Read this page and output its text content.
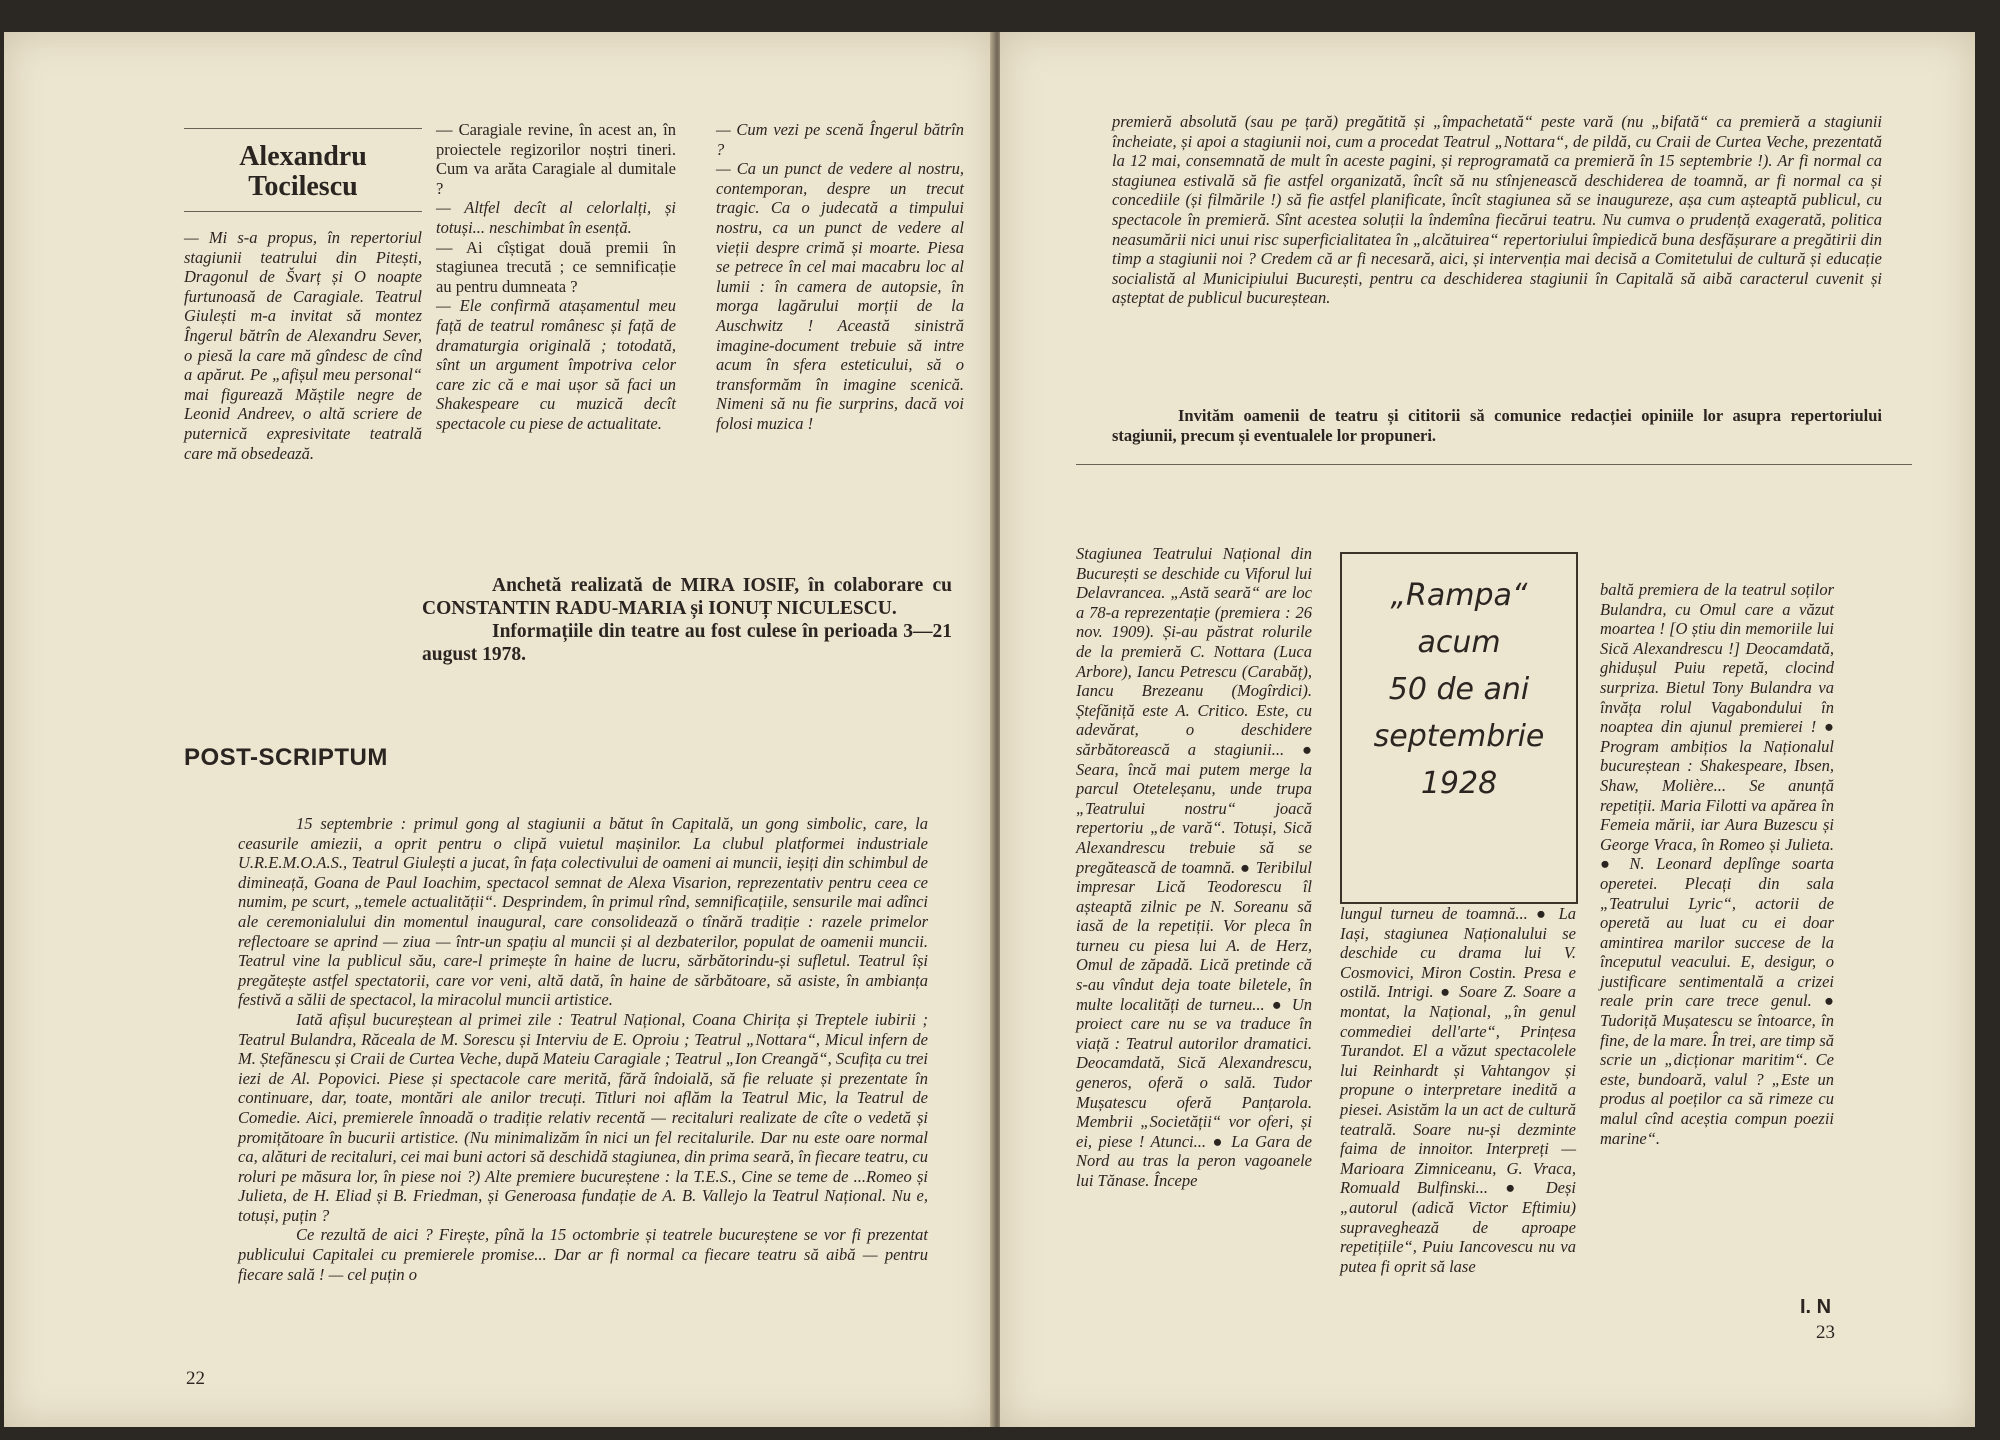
Alexandru
Tocilescu

— Mi s-a propus, în repertoriul stagiunii teatrului din Pitești, Dragonul de Švarț și O noapte furtunoasă de Caragiale. Teatrul Giulești m-a invitat să montez Îngerul bătrîn de Alexandru Sever, o piesă la care mă gîndesc de cînd a apărut. Pe „afișul meu personal“ mai figurează Măștile negre de Leonid Andreev, o altă scriere de puternică expresivitate teatrală care mă obsedează.

— Caragiale revine, în acest an, în proiectele regizorilor noștri tineri. Cum va arăta Caragiale al dumitale ?

— Altfel decît al celorlalți, și totuși... neschimbat în esență.

— Ai cîștigat două premii în stagiunea trecută ; ce semnificație au pentru dumneata ?

— Ele confirmă atașamentul meu față de teatrul românesc și față de dramaturgia originală ; totodată, sînt un argument împotriva celor care zic că e mai ușor să faci un Shakespeare cu muzică decît spectacole cu piese de actualitate.

— Cum vezi pe scenă Îngerul bătrîn ?

— Ca un punct de vedere al nostru, contemporan, despre un trecut tragic. Ca o judecată a timpului nostru, ca un punct de vedere al vieții despre crimă și moarte. Piesa se petrece în cel mai macabru loc al lumii : în camera de autopsie, în morga lagărului morții de la Auschwitz ! Această sinistră imagine-document trebuie să intre acum în sfera esteticului, să o transformăm în imagine scenică. Nimeni să nu fie surprins, dacă voi folosi muzica !

Anchetă realizată de MIRA IOSIF, în colaborare cu CONSTANTIN RADU-MARIA și IONUȚ NICULESCU.

Informațiile din teatre au fost culese în perioada 3—21 august 1978.

POST-SCRIPTUM

15 septembrie : primul gong al stagiunii a bătut în Capitală, un gong simbolic, care, la ceasurile amiezii, a oprit pentru o clipă vuietul mașinilor. La clubul platformei industriale U.R.E.M.O.A.S., Teatrul Giulești a jucat, în fața colectivului de oameni ai muncii, ieșiți din schimbul de dimineață, Goana de Paul Ioachim, spectacol semnat de Alexa Visarion, reprezentativ pentru ceea ce numim, pe scurt, „temele actualității“. Desprindem, în primul rînd, semnificațiile, sensurile mai adînci ale ceremonialului din momentul inaugural, care consolidează o tînără tradiție : razele primelor reflectoare se aprind — ziua — într-un spațiu al muncii și al dezbaterilor, populat de oamenii muncii. Teatrul vine la publicul său, care-l primește în haine de lucru, sărbătorindu-și sufletul. Teatrul își pregătește astfel spectatorii, care vor veni, altă dată, în haine de sărbătoare, să asiste, în ambianța festivă a sălii de spectacol, la miracolul muncii artistice.

Iată afișul bucureștean al primei zile : Teatrul Național, Coana Chirița și Treptele iubirii ; Teatrul Bulandra, Răceala de M. Sorescu și Interviu de E. Oproiu ; Teatrul „Nottara“, Micul infern de M. Ștefănescu și Craii de Curtea Veche, după Mateiu Caragiale ; Teatrul „Ion Creangă“, Scufița cu trei iezi de Al. Popovici. Piese și spectacole care merită, fără îndoială, să fie reluate și prezentate în continuare, dar, toate, montări ale anilor trecuți. Titluri noi aflăm la Teatrul Mic, la Teatrul de Comedie. Aici, premierele înnoadă o tradiție relativ recentă — recitaluri realizate de cîte o vedetă și promițătoare în bucurii artistice. (Nu minimalizăm în nici un fel recitalurile. Dar nu este oare normal ca, alături de recitaluri, cei mai buni actori să deschidă stagiunea, din prima seară, în fiecare teatru, cu roluri pe măsura lor, în piese noi ?) Alte premiere bucureștene : la T.E.S., Cine se teme de ...Romeo și Julieta, de H. Eliad și B. Friedman, și Generoasa fundație de A. B. Vallejo la Teatrul Național. Nu e, totuși, puțin ?

Ce rezultă de aici ? Firește, pînă la 15 octombrie și teatrele bucureștene se vor fi prezentat publicului Capitalei cu premierele promise... Dar ar fi normal ca fiecare teatru să aibă — pentru fiecare sală ! — cel puțin o

22

premieră absolută (sau pe țară) pregătită și „împachetată“ peste vară (nu „bifată“ ca premieră a stagiunii încheiate, și apoi a stagiunii noi, cum a procedat Teatrul „Nottara“, de pildă, cu Craii de Curtea Veche, prezentată la 12 mai, consemnată de mult în aceste pagini, și reprogramată ca premieră în 15 septembrie !). Ar fi normal ca stagiunea estivală să fie astfel organizată, încît să nu stînjenească deschiderea de toamnă, ar fi normal ca și concediile (și filmările !) să fie astfel planificate, încît stagiunea să se inaugureze, așa cum așteaptă publicul, cu spectacole în premieră. Sînt acestea soluții la îndemîna fiecărui teatru. Nu cumva o prudență exagerată, politica neasumării nici unui risc superficialitatea în „alcătuirea“ repertoriului împiedică buna desfășurare a pregătirii din timp a stagiunii noi ? Credem că ar fi necesară, aici, și intervenția mai decisă a Comitetului de cultură și educație socialistă al Municipiului București, pentru ca deschiderea stagiunii în Capitală să aibă caracterul cuvenit și așteptat de publicul bucureștean.

Invităm oamenii de teatru și cititorii să comunice redacției opiniile lor asupra repertoriului stagiunii, precum și eventualele lor propuneri.

Stagiunea Teatrului Național din București se deschide cu Viforul lui Delavrancea. „Astă seară“ are loc a 78-a reprezentație (premiera : 26 nov. 1909). Și-au păstrat rolurile de la premieră C. Nottara (Luca Arbore), Iancu Petrescu (Carabăț), Iancu Brezeanu (Mogîrdici). Ștefăniță este A. Critico. Este, cu adevărat, o deschidere sărbătorească a stagiunii... ● Seara, încă mai putem merge la parcul Oteteleșanu, unde trupa „Teatrului nostru“ joacă repertoriu „de vară“. Totuși, Sică Alexandrescu trebuie să se pregătească de toamnă. ● Teribilul impresar Lică Teodorescu îl așteaptă zilnic pe N. Soreanu să iasă de la repetiții. Vor pleca în turneu cu piesa lui A. de Herz, Omul de zăpadă. Lică pretinde că s-au vîndut deja toate biletele, în multe localități de turneu... ● Un proiect care nu se va traduce în viață : Teatrul autorilor dramatici. Deocamdată, Sică Alexandrescu, generos, oferă o sală. Tudor Mușatescu oferă Panțarola. Membrii „Societății“ vor oferi, și ei, piese ! Atunci... ● La Gara de Nord au tras la peron vagoanele lui Tănase. Începe

„Rampa“
acum
50 de ani
septembrie
1928

lungul turneu de toamnă... ● La Iași, stagiunea Naționalului se deschide cu drama lui V. Cosmovici, Miron Costin. Presa e ostilă. Intrigi. ● Soare Z. Soare a montat, la Național, „în genul commediei dell'arte“, Prințesa Turandot. El a văzut spectacolele lui Reinhardt și Vahtangov și propune o interpretare inedită a piesei. Asistăm la un act de cultură teatrală. Soare nu-și dezminte faima de innoitor. Interpreți — Marioara Zimniceanu, G. Vraca, Romuald Bulfinski... ● Deși „autorul (adică Victor Eftimiu) supraveghează de aproape repetițiile“, Puiu Iancovescu nu va putea fi oprit să lase

baltă premiera de la teatrul soților Bulandra, cu Omul care a văzut moartea ! [O știu din memoriile lui Sică Alexandrescu !] Deocamdată, ghidușul Puiu repetă, clocind surpriza. Bietul Tony Bulandra va învăța rolul Vagabondului în noaptea din ajunul premierei ! ● Program ambițios la Naționalul bucureștean : Shakespeare, Ibsen, Shaw, Molière... Se anunță repetiții. Maria Filotti va apărea în Femeia mării, iar Aura Buzescu și George Vraca, în Romeo și Julieta. ● N. Leonard deplînge soarta operetei. Plecați din sala „Teatrului Lyric“, actorii de operetă au luat cu ei doar amintirea marilor succese de la începutul veacului. E, desigur, o justificare sentimentală a crizei reale prin care trece genul. ● Tudoriță Mușatescu se întoarce, în fine, de la mare. În trei, are timp să scrie un „dicționar maritim“. Ce este, bundoară, valul ? „Este un produs al poeților ca să rimeze cu malul cînd aceștia compun poezii marine“.

I. N
23
